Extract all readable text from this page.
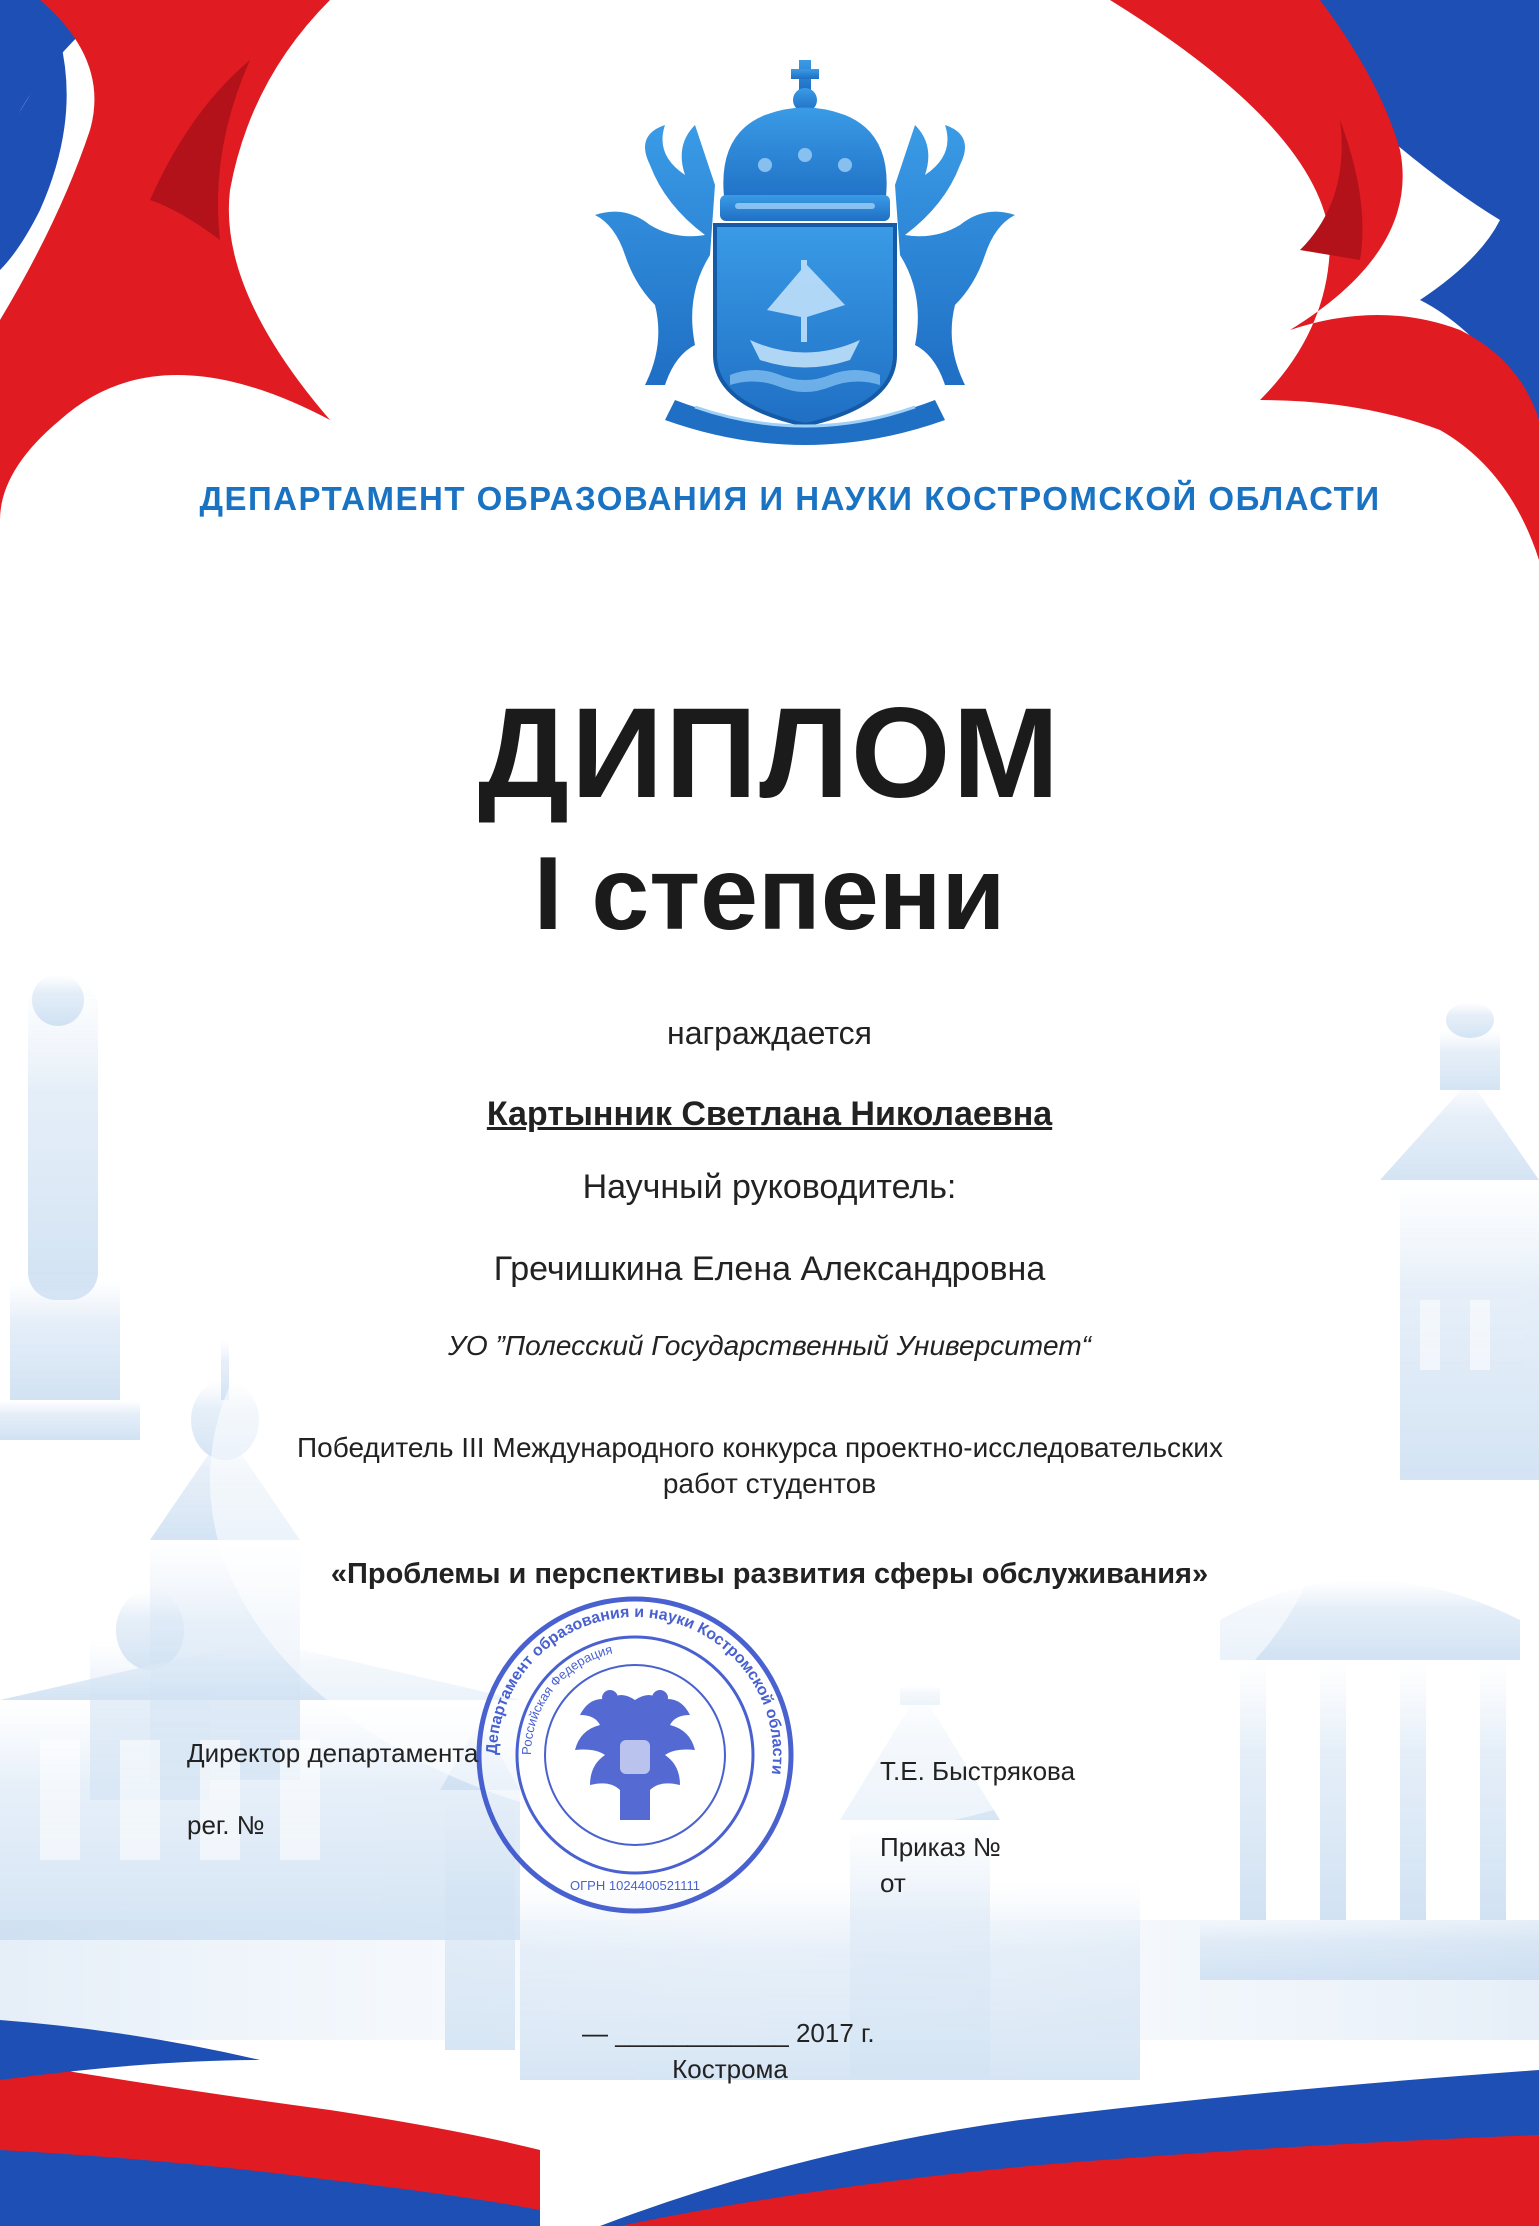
ДЕПАРТАМЕНТ ОБРАЗОВАНИЯ И НАУКИ КОСТРОМСКОЙ ОБЛАСТИ
ДИПЛОМ
I степени
награждается
Картынник Светлана Николаевна
Научный руководитель:
Гречишкина Елена Александровна
УО ”Полесский Государственный Университет“
Победитель III Международного конкурса проектно-исследовательских
работ студентов
«Проблемы и перспективы развития сферы обслуживания»
Департамент образования и науки Костромской области
Российская Федерация
ОГРН 1024400521111
Директор департамента
рег. №
Т.Е. Быстрякова
Приказ №
от
— ____________ 2017 г.
Кострома
